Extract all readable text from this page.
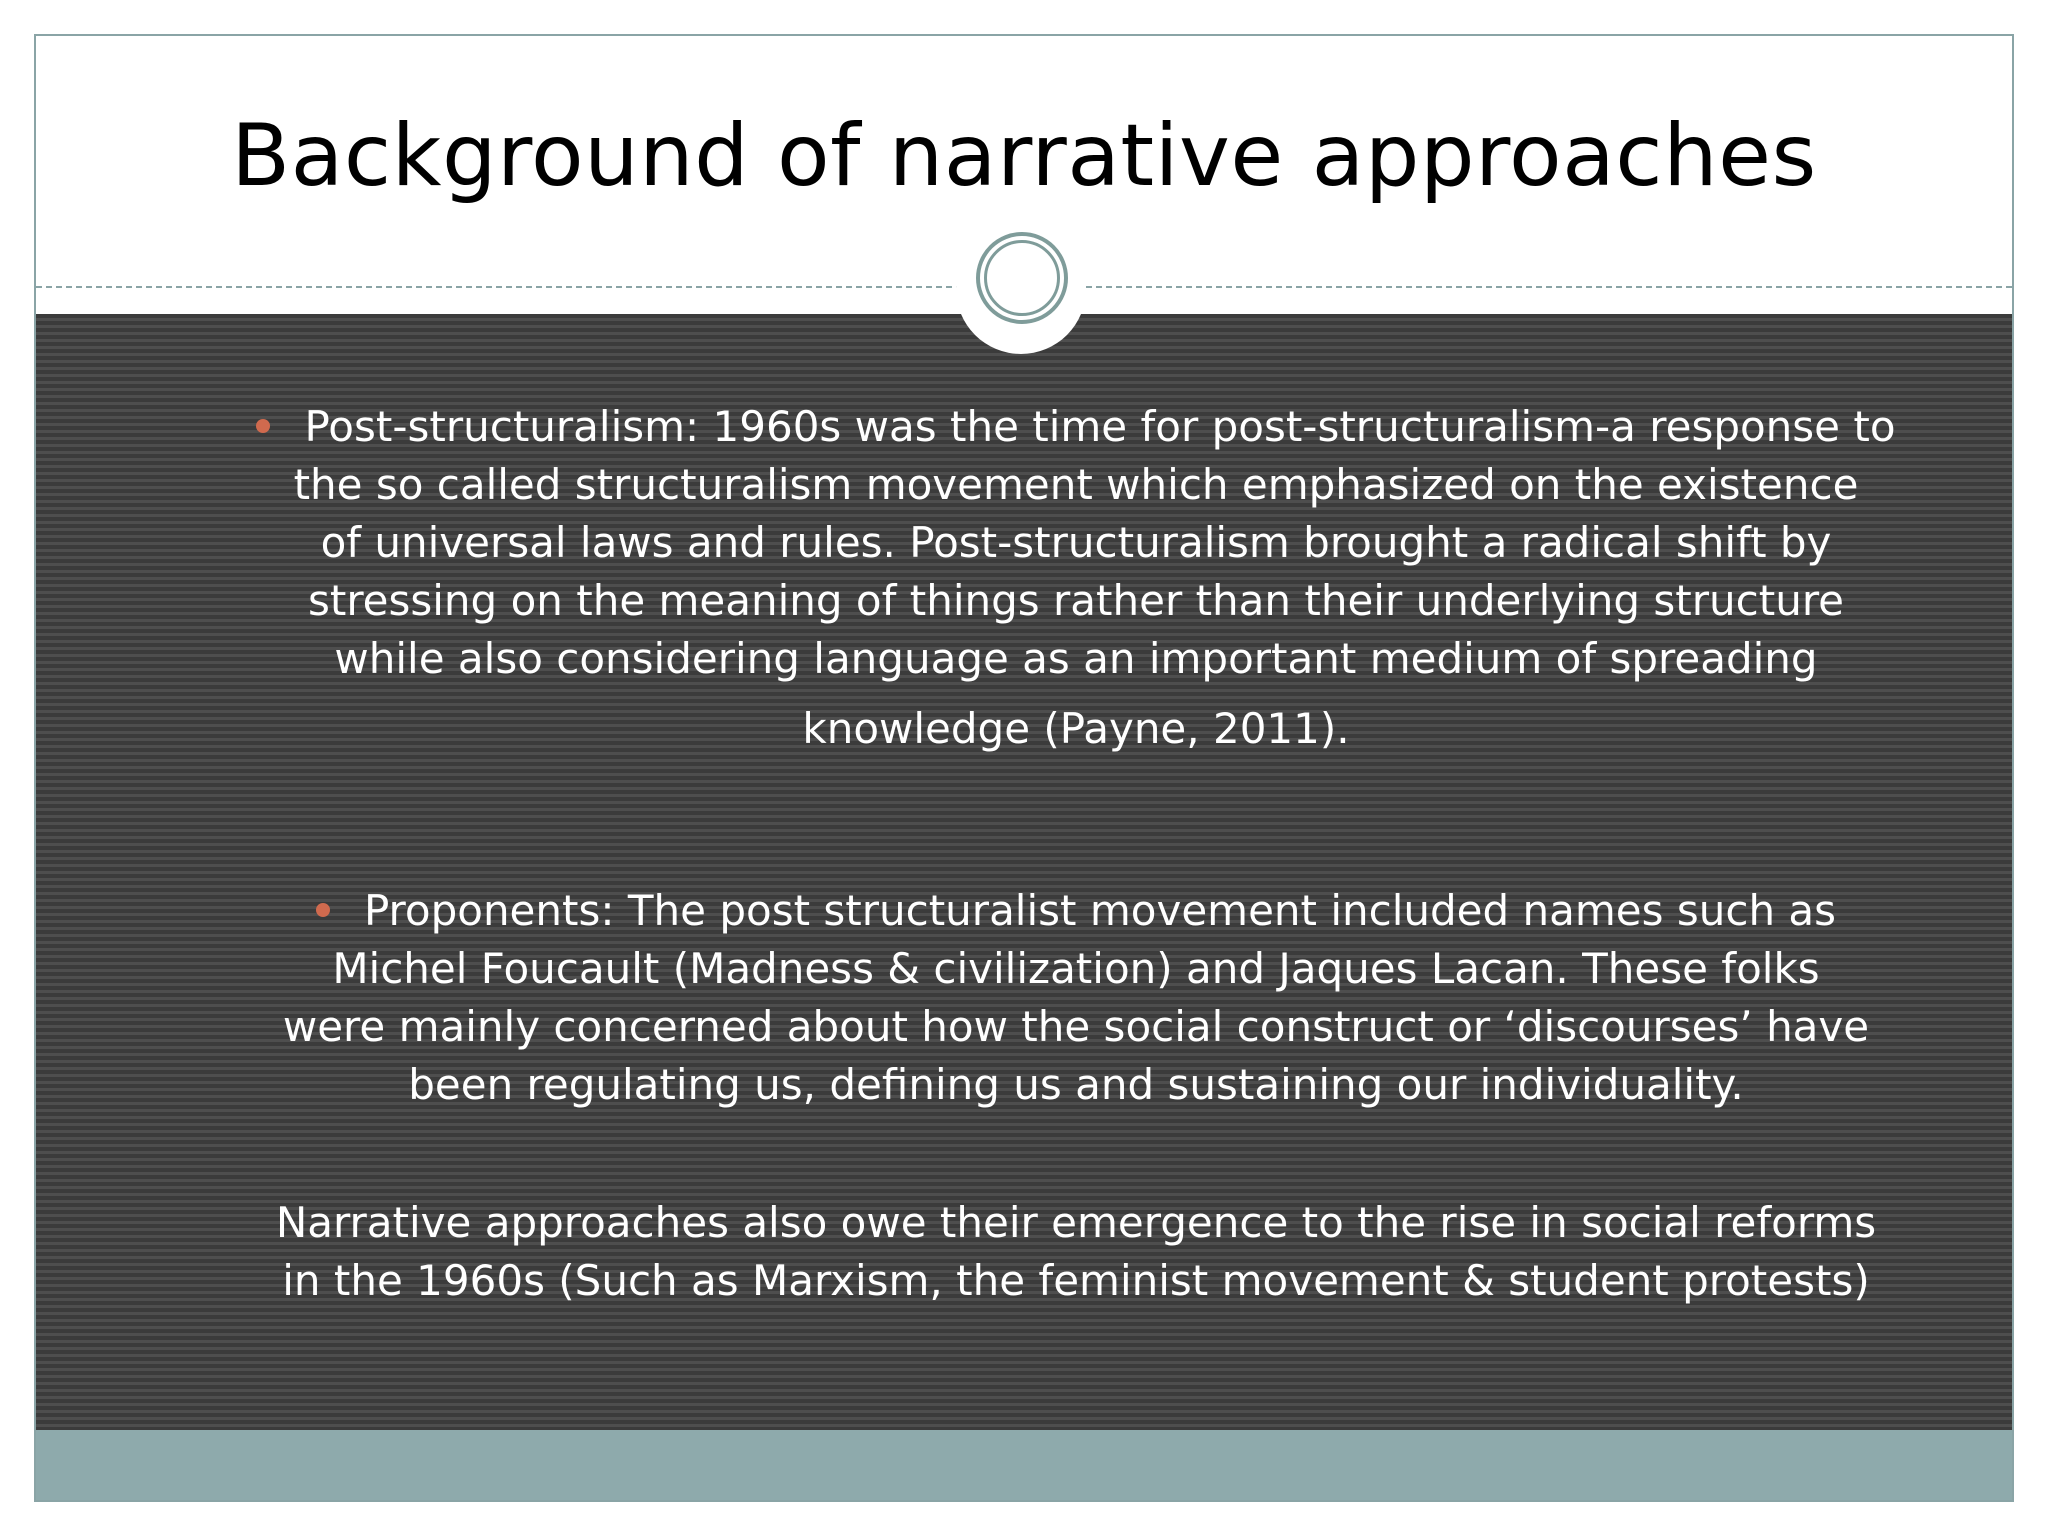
Background of narrative approaches
Post-structuralism: 1960s was the time for post-structuralism-a response to
the so called structuralism movement which emphasized on the existence
of universal laws and rules. Post-structuralism brought a radical shift by
stressing on the meaning of things rather than their underlying structure
while also considering language as an important medium of spreading
knowledge (Payne, 2011).
Proponents: The post structuralist movement included names such as
Michel Foucault (Madness & civilization) and Jaques Lacan. These folks
were mainly concerned about how the social construct or ‘discourses’ have
been regulating us, defining us and sustaining our individuality.
Narrative approaches also owe their emergence to the rise in social reforms
in the 1960s (Such as Marxism, the feminist movement & student protests)
